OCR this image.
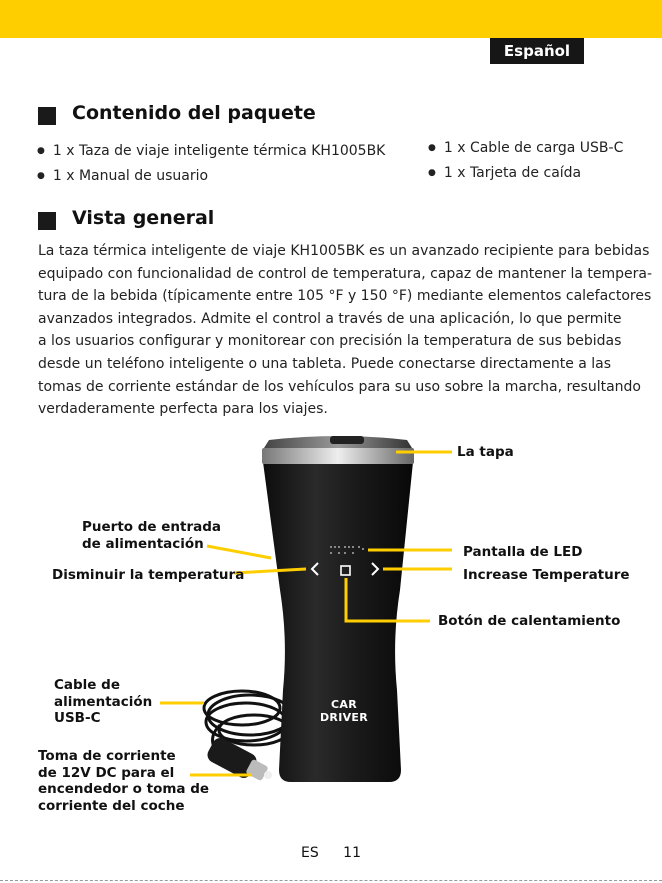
Español
Contenido del paquete
● 1 x Taza de viaje inteligente térmica KH1005BK
● 1 x Manual de usuario
● 1 x Cable de carga USB-C
● 1 x Tarjeta de caída
Vista general
La taza térmica inteligente de viaje KH1005BK es un avanzado recipiente para bebidas
equipado con funcionalidad de control de temperatura, capaz de mantener la tempera-
tura de la bebida (típicamente entre 105 °F y 150 °F) mediante elementos calefactores
avanzados integrados. Admite el control a través de una aplicación, lo que permite
a los usuarios configurar y monitorear con precisión la temperatura de sus bebidas
desde un teléfono inteligente o una tableta. Puede conectarse directamente a las
tomas de corriente estándar de los vehículos para su uso sobre la marcha, resultando
verdaderamente perfecta para los viajes.
CAR DRIVER
La tapa
Puerto de entrada
de alimentación
Disminuir la temperatura
Pantalla de LED
Increase Temperature
Botón de calentamiento
Cable de
alimentación
USB-C
Toma de corriente
de 12V DC para el
encendedor o toma de
corriente del coche
ES 11
